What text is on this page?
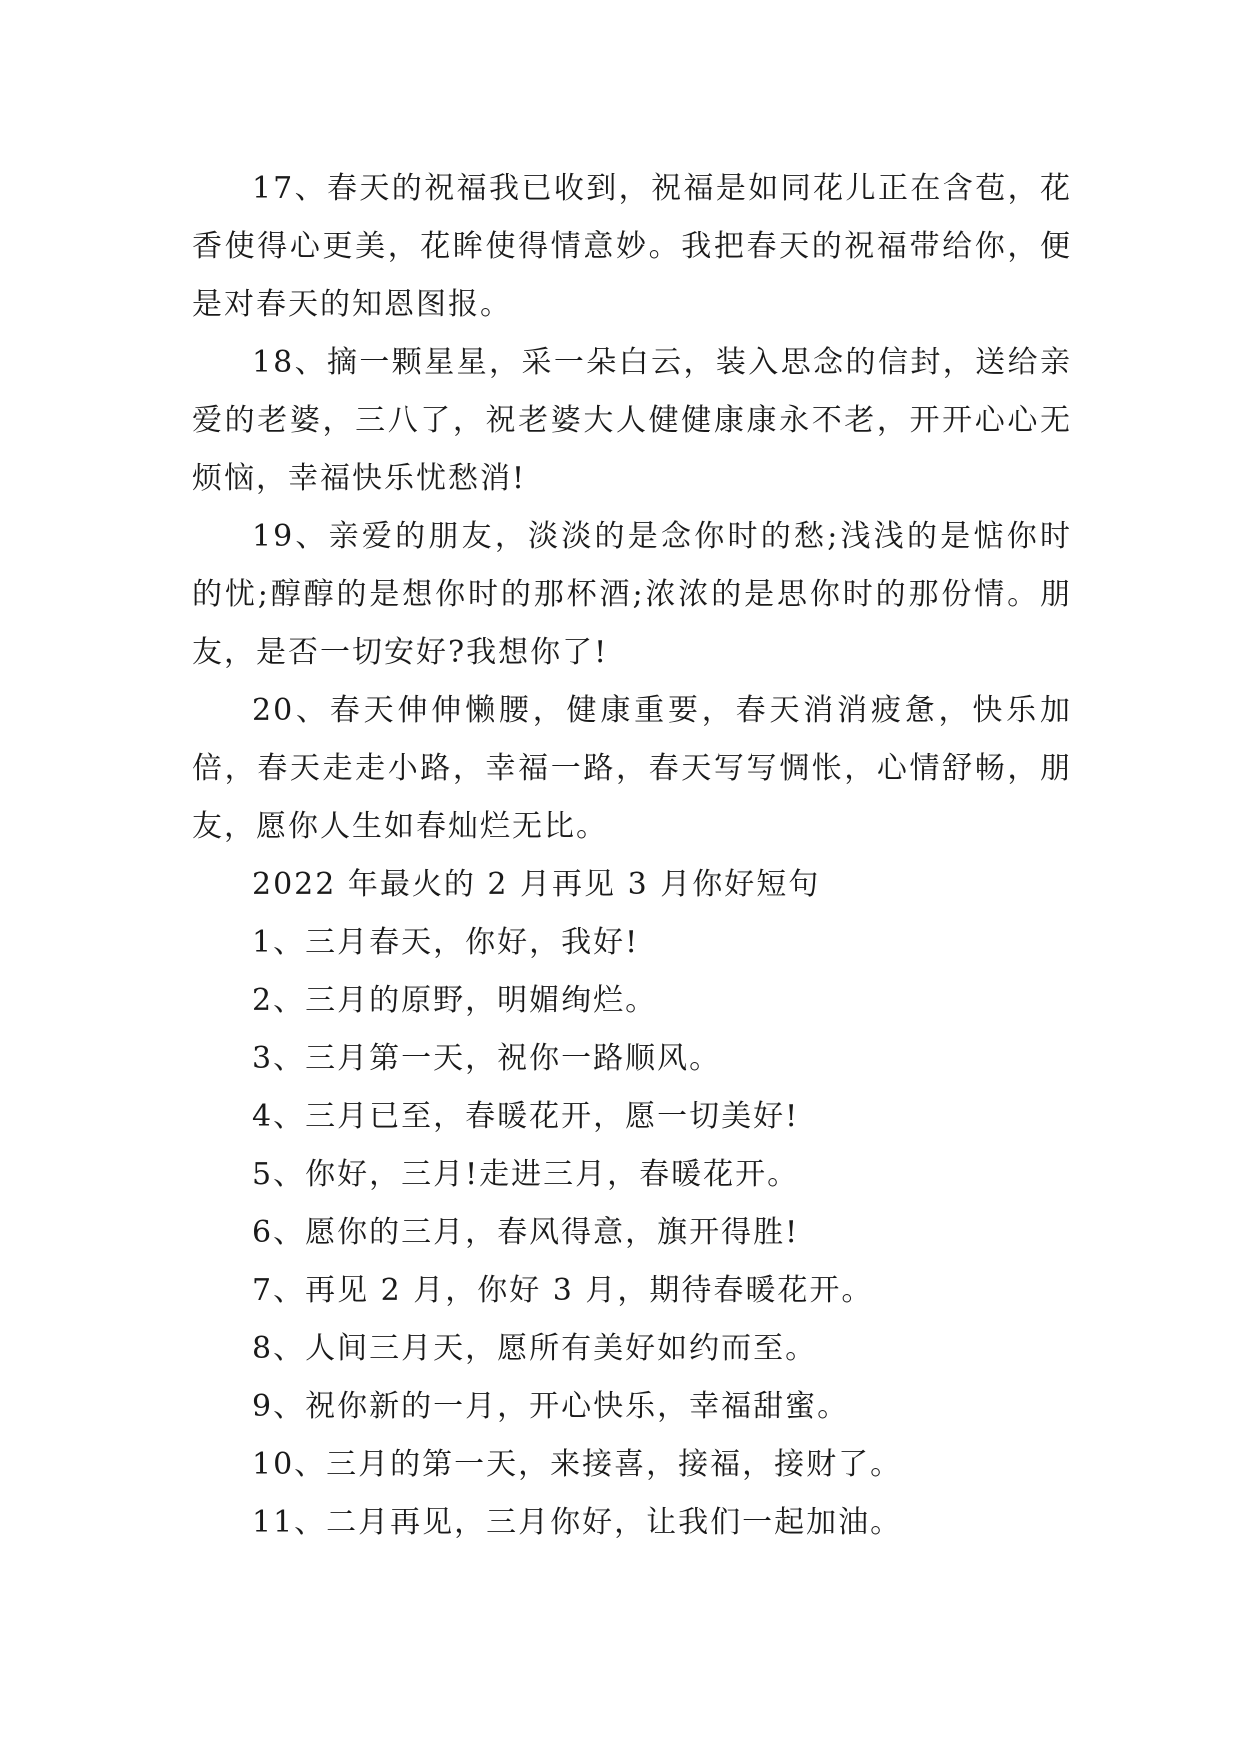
17、春天的祝福我已收到，祝福是如同花儿正在含苞，花香使得心更美，花眸使得情意妙。我把春天的祝福带给你，便是对春天的知恩图报。

18、摘一颗星星，采一朵白云，装入思念的信封，送给亲爱的老婆，三八了，祝老婆大人健健康康永不老，开开心心无烦恼，幸福快乐忧愁消!

19、亲爱的朋友，淡淡的是念你时的愁;浅浅的是惦你时的忧;醇醇的是想你时的那杯酒;浓浓的是思你时的那份情。朋友，是否一切安好?我想你了!

20、春天伸伸懒腰，健康重要，春天消消疲惫，快乐加倍，春天走走小路，幸福一路，春天写写惆怅，心情舒畅，朋友，愿你人生如春灿烂无比。

2022 年最火的 2 月再见 3 月你好短句

1、三月春天，你好，我好!

2、三月的原野，明媚绚烂。

3、三月第一天，祝你一路顺风。

4、三月已至，春暖花开，愿一切美好!

5、你好，三月!走进三月，春暖花开。

6、愿你的三月，春风得意，旗开得胜!

7、再见 2 月，你好 3 月，期待春暖花开。

8、人间三月天，愿所有美好如约而至。

9、祝你新的一月，开心快乐，幸福甜蜜。

10、三月的第一天，来接喜，接福，接财了。

11、二月再见，三月你好，让我们一起加油。
